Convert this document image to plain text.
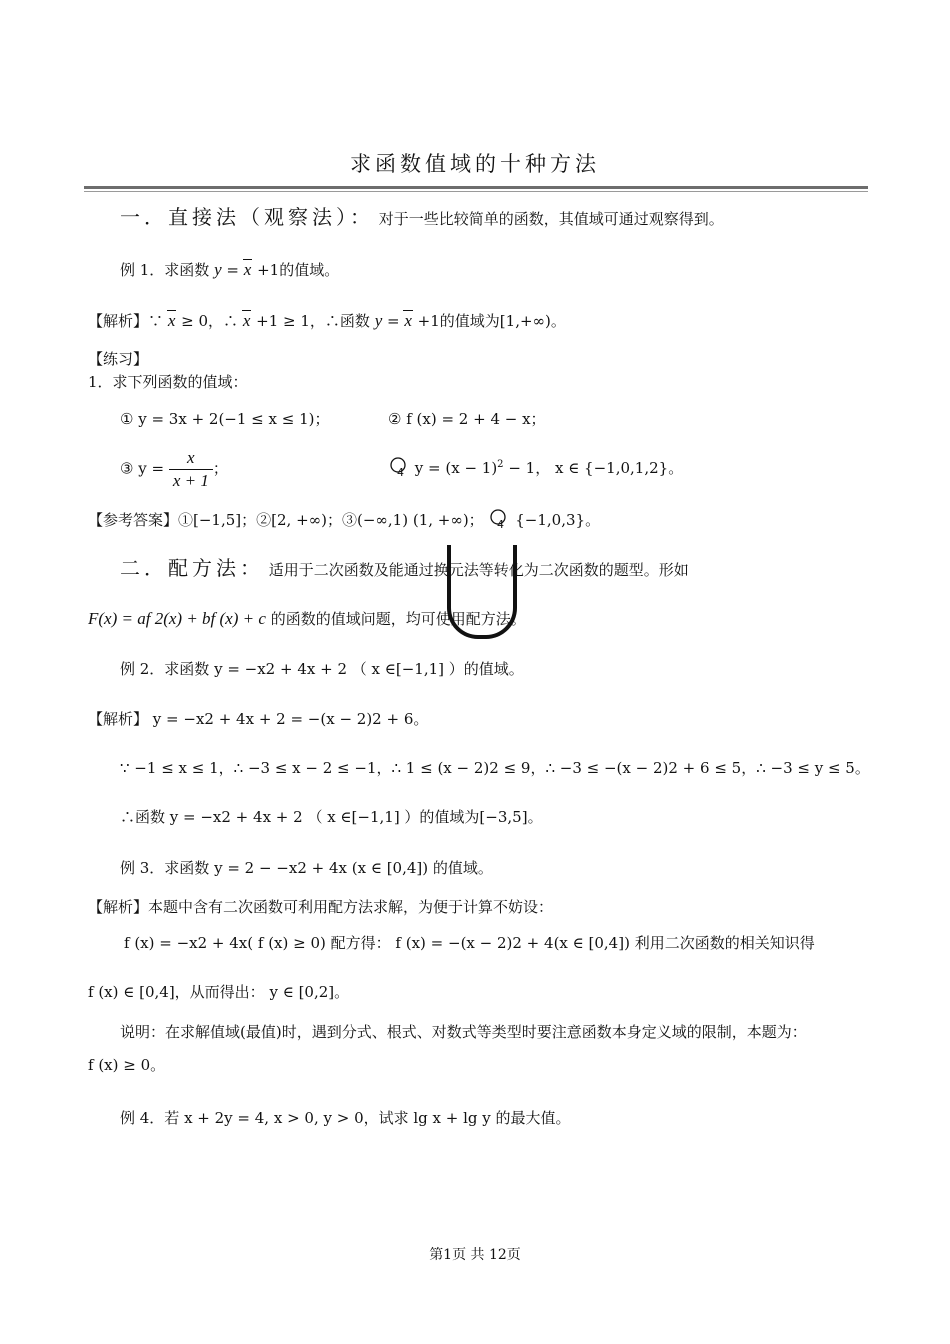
求函数值域的十种方法
一．直接法（观察法）： 对于一些比较简单的函数，其值域可通过观察得到。
例 1．求函数 y = x +1的值域。
【解析】∵ x ≥ 0，∴ x +1 ≥ 1，∴函数 y = x +1的值域为[1,+∞)。
【练习】
1．求下列函数的值域：
① y = 3x + 2(−1 ≤ x ≤ 1)；	② f (x) = 2 + 4 − x；
③ $y = \frac{x}{x + 1}$ ；	4 $y = (x - 1)^2 - 1$， x ∈ {−1,0,1,2}。
【参考答案】①[−1,5]；②[2, +∞)；③(−∞,1) (1, +∞)； 4 {−1,0,3}。
二．配方法： 适用于二次函数及能通过换元法等转化为二次函数的题型。形如
F(x) = af 2(x) + bf (x) + c 的函数的值域问题，均可使用配方法。
例 2．求函数 y = −x2 + 4x + 2 （ x ∈[−1,1] ）的值域。
【解析】 y = −x2 + 4x + 2 = −(x − 2)2 + 6。
∵ −1 ≤ x ≤ 1，∴ −3 ≤ x − 2 ≤ −1，∴ 1 ≤ (x − 2)2 ≤ 9，∴ −3 ≤ −(x − 2)2 + 6 ≤ 5，∴ −3 ≤ y ≤ 5。
∴函数 y = −x2 + 4x + 2 （ x ∈[−1,1] ）的值域为[−3,5]。
例 3．求函数 y = 2 − −x2 + 4x (x ∈ [0,4]) 的值域。
【解析】本题中含有二次函数可利用配方法求解，为便于计算不妨设：
f (x) = −x2 + 4x( f (x) ≥ 0) 配方得： f (x) = −(x − 2)2 + 4(x ∈ [0,4]) 利用二次函数的相关知识得
f (x) ∈ [0,4]，从而得出： y ∈ [0,2]。
说明：在求解值域(最值)时，遇到分式、根式、对数式等类型时要注意函数本身定义域的限制，本题为：
f (x) ≥ 0。
例 4．若 x + 2y = 4, x > 0, y > 0，试求 lg x + lg y 的最大值。
第1页 共 12页
